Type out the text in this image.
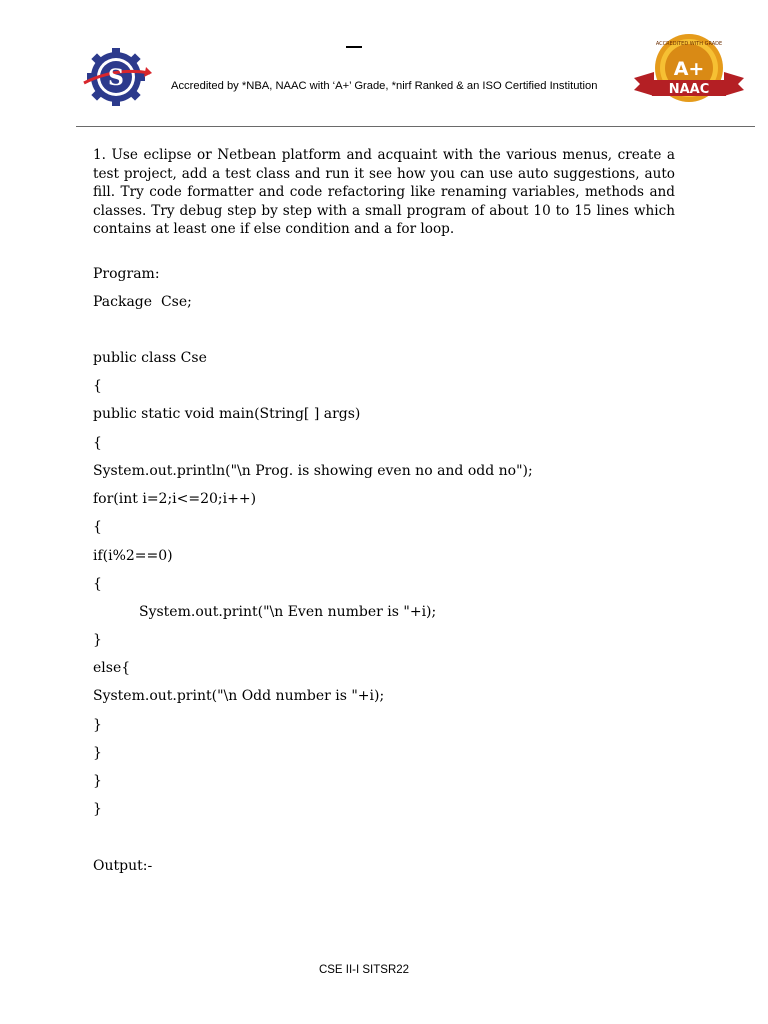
S	Accredited by *NBA, NAAC with ‘A+’ Grade, *nirf Ranked & an ISO Certified Institution
ACCREDITED WITH GRADE
A+
NAAC
1. Use eclipse or Netbean platform and acquaint with the various menus, create a test project, add a test class and run it see how you can use auto suggestions, auto fill. Try code formatter and code refactoring like renaming variables, methods and classes. Try debug step by step with a small program of about 10 to 15 lines which contains at least one if else condition and a for loop.
Program:
Package  Cse;
public class Cse
{
public static void main(String[ ] args)
{
System.out.println("\n Prog. is showing even no and odd no");
for(int i=2;i<=20;i++)
{
if(i%2==0)
{
System.out.print("\n Even number is "+i);
}
else{
System.out.print("\n Odd number is "+i);
}
}
}
}
Output:-
CSE II-I SITSR22
